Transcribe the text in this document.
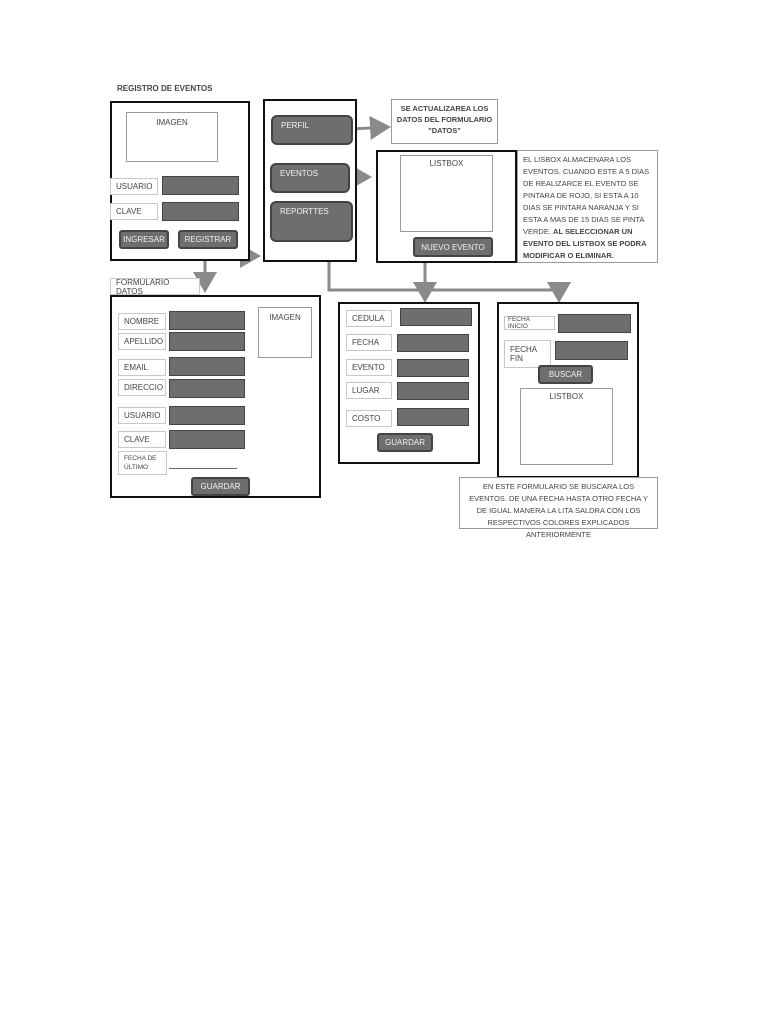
REGISTRO DE EVENTOS
IMAGEN
USUARIO
CLAVE
INGRESAR	REGISTRAR
PERFIL
EVENTOS
REPORTTES
SE ACTUALIZAREA LOS DATOS DEL FORMULARIO "DATOS"
LISTBOX
NUEVO EVENTO
EL LISBOX ALMACENARA LOS EVENTOS. CUANDO ESTE A 5 DIAS DE REALIZARCE EL EVENTO SE PINTARA DE ROJO, SI ESTA A 10 DIAS SE PINTARA NARANJA Y SI ESTA A MAS DE 15 DIAS SE PINTA VERDE. AL SELECCIONAR UN EVENTO DEL LISTBOX SE PODRA MODIFICAR O ELIMINAR.
FORMULARIO DATOS
IMAGEN
NOMBRE
APELLIDO
EMAIL
DIRECCIO
USUARIO
CLAVE
FECHA DE ÚLTIMO
GUARDAR
CEDULA
FECHA
EVENTO
LUGAR
COSTO
GUARDAR
FECHA INICIO
FECHA FIN
BUSCAR
LISTBOX
EN ESTE FORMULARIO SE BUSCARA LOS EVENTOS. DE UNA FECHA HASTA OTRO FECHA Y DE IGUAL MANERA LA LITA SALDRA CON LOS RESPECTIVOS COLORES EXPLICADOS ANTERIORMENTE
